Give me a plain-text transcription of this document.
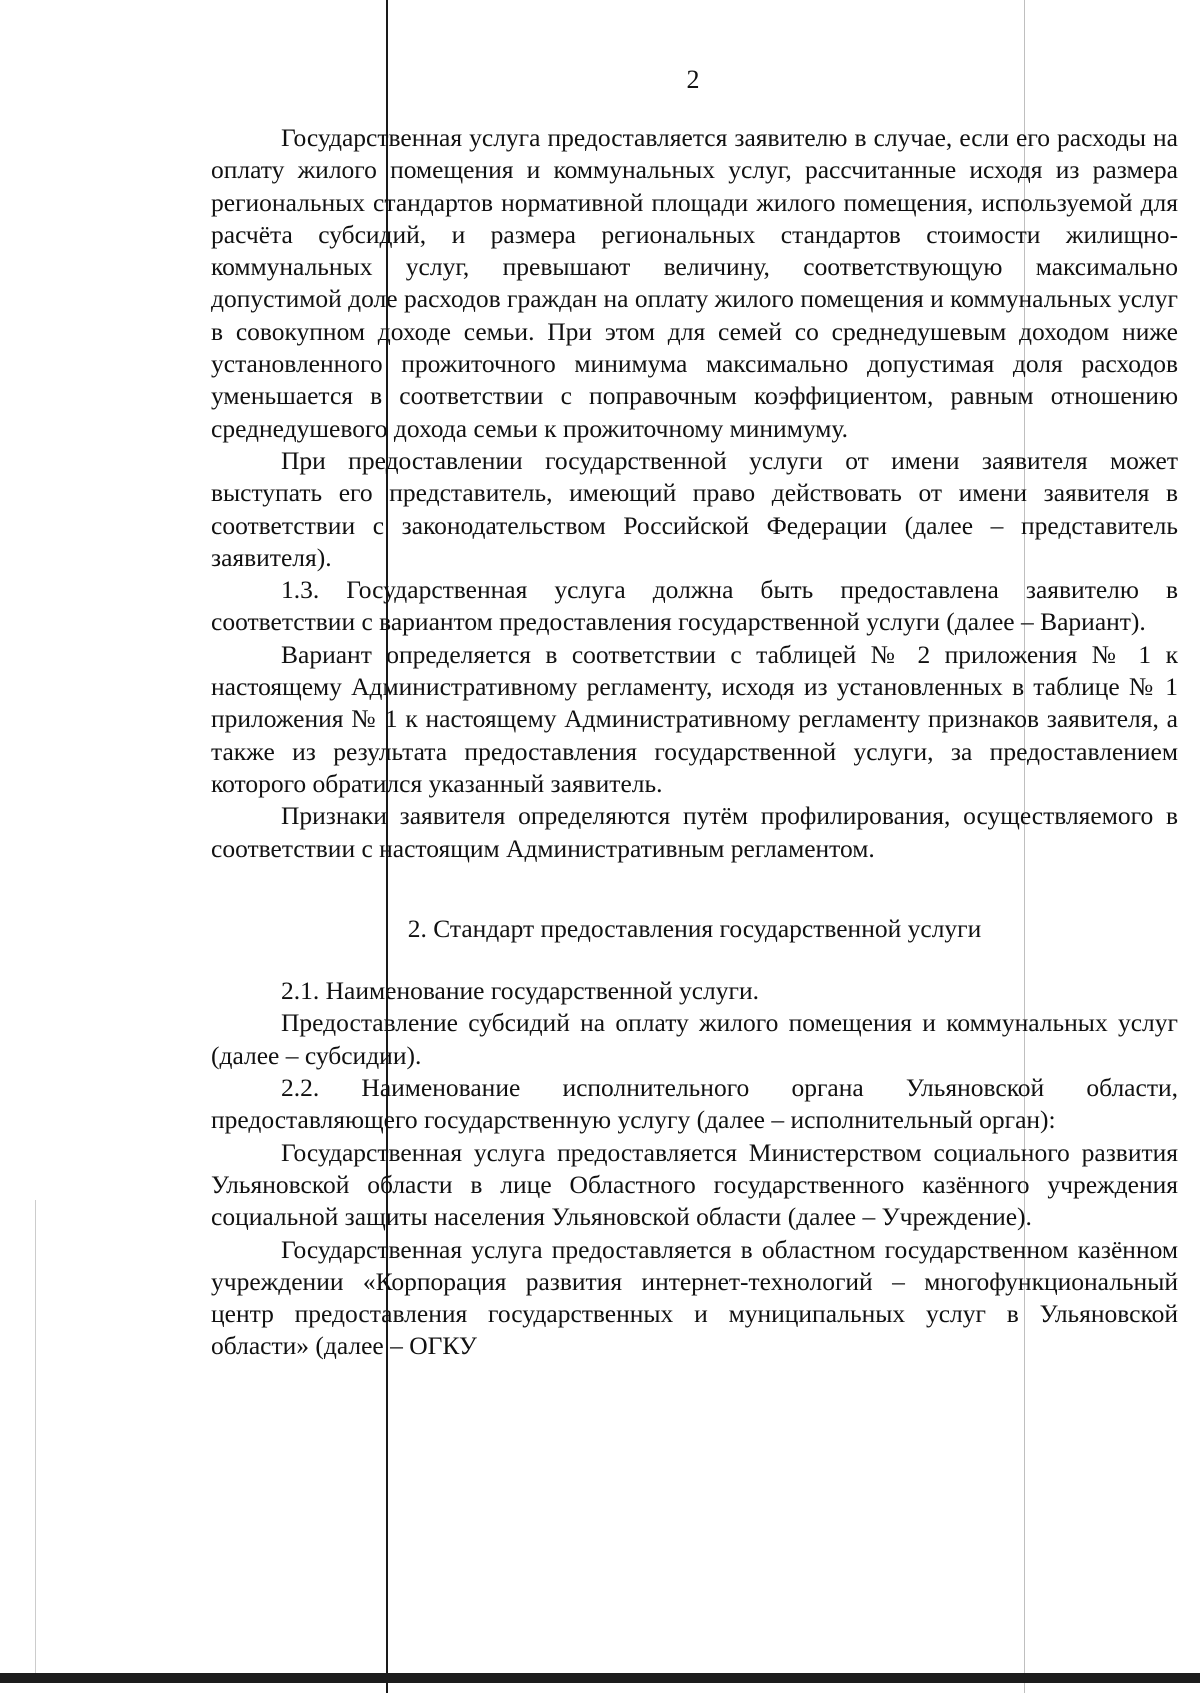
2

Государственная услуга предоставляется заявителю в случае, если его расходы на оплату жилого помещения и коммунальных услуг, рассчитанные исходя из размера региональных стандартов нормативной площади жилого помещения, используемой для расчёта субсидий, и размера региональных стандартов стоимости жилищно-коммунальных услуг, превышают величину, соответствующую максимально допустимой доле расходов граждан на оплату жилого помещения и коммунальных услуг в совокупном доходе семьи. При этом для семей со среднедушевым доходом ниже установленного прожиточного минимума максимально допустимая доля расходов уменьшается в соответствии с поправочным коэффициентом, равным отношению среднедушевого дохода семьи к прожиточному минимуму.

При предоставлении государственной услуги от имени заявителя может выступать его представитель, имеющий право действовать от имени заявителя в соответствии с законодательством Российской Федерации (далее – представитель заявителя).

1.3. Государственная услуга должна быть предоставлена заявителю в соответствии с вариантом предоставления государственной услуги (далее – Вариант).

Вариант определяется в соответствии с таблицей № 2 приложения № 1 к настоящему Административному регламенту, исходя из установленных в таблице № 1 приложения № 1 к настоящему Административному регламенту признаков заявителя, а также из результата предоставления государственной услуги, за предоставлением которого обратился указанный заявитель.

Признаки заявителя определяются путём профилирования, осуществляемого в соответствии с настоящим Административным регламентом.

2. Стандарт предоставления государственной услуги

2.1. Наименование государственной услуги.

Предоставление субсидий на оплату жилого помещения и коммунальных услуг (далее – субсидии).

2.2. Наименование исполнительного органа Ульяновской области, предоставляющего государственную услугу (далее – исполнительный орган):

Государственная услуга предоставляется Министерством социального развития Ульяновской области в лице Областного государственного казённого учреждения социальной защиты населения Ульяновской области (далее – Учреждение).

Государственная услуга предоставляется в областном государственном казённом учреждении «Корпорация развития интернет-технологий – многофункциональный центр предоставления государственных и муниципальных услуг в Ульяновской области» (далее – ОГКУ
